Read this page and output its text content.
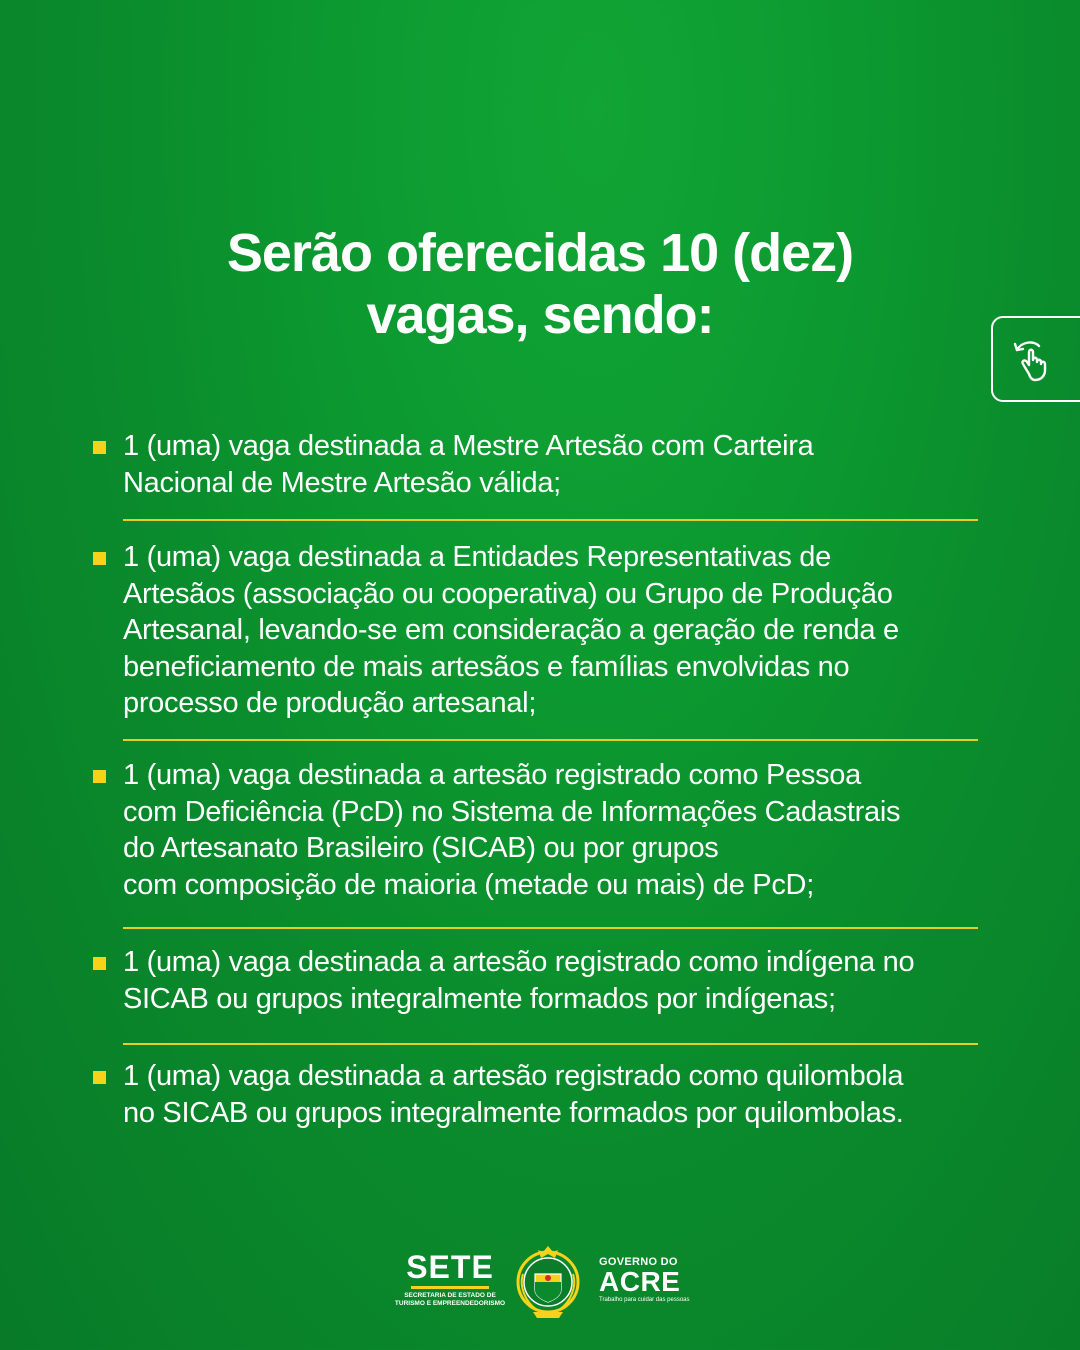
Serão oferecidas 10 (dez)
vagas, sendo:
1 (uma) vaga destinada a Mestre Artesão com Carteira
Nacional de Mestre Artesão válida;
1 (uma) vaga destinada a Entidades Representativas de
Artesãos (associação ou cooperativa) ou Grupo de Produção
Artesanal, levando-se em consideração a geração de renda e
beneficiamento de mais artesãos e famílias envolvidas no
processo de produção artesanal;
1 (uma) vaga destinada a artesão registrado como Pessoa
com Deficiência (PcD) no Sistema de Informações Cadastrais
do Artesanato Brasileiro (SICAB) ou por grupos
com composição de maioria (metade ou mais) de PcD;
1 (uma) vaga destinada a artesão registrado como indígena no
SICAB ou grupos integralmente formados por indígenas;
1 (uma) vaga destinada a artesão registrado como quilombola
no SICAB ou grupos integralmente formados por quilombolas.
SETE
SECRETARIA DE ESTADO DE
TURISMO E EMPREENDEDORISMO
GOVERNO DO
ACRE
Trabalho para cuidar das pessoas
